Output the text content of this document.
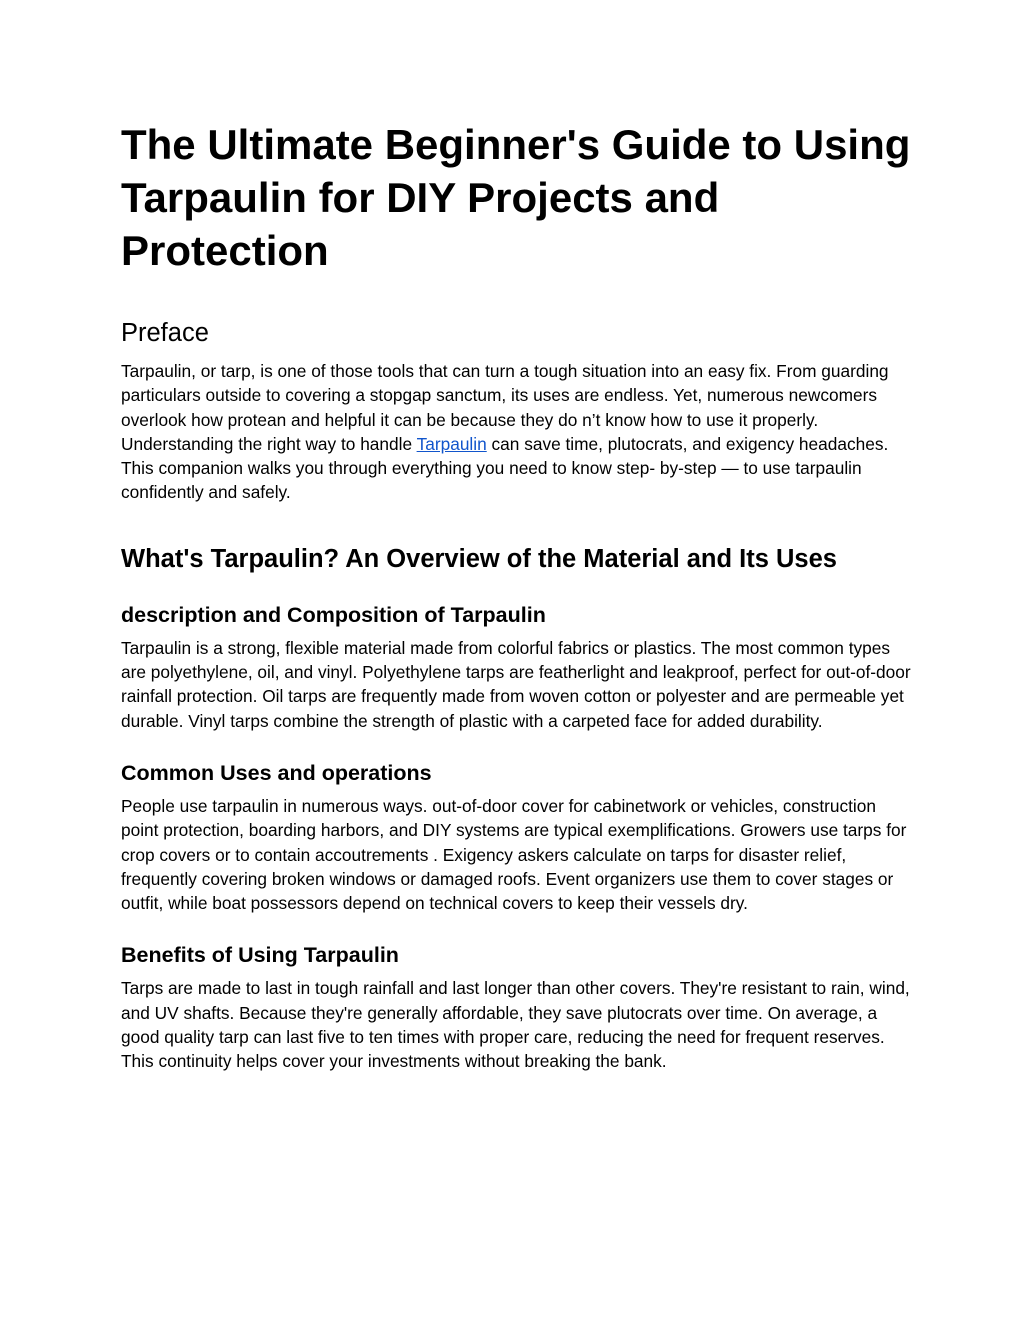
The Ultimate Beginner's Guide to Using Tarpaulin for DIY Projects and Protection
Preface

Tarpaulin, or tarp, is one of those tools that can turn a tough situation into an easy fix. From guarding particulars outside to covering a stopgap sanctum, its uses are endless. Yet, numerous newcomers overlook how protean and helpful it can be because they do n’t know how to use it properly. Understanding the right way to handle Tarpaulin can save time, plutocrats, and exigency headaches. This companion walks you through everything you need to know step- by-step — to use tarpaulin confidently and safely.

What's Tarpaulin? An Overview of the Material and Its Uses
description and Composition of Tarpaulin

Tarpaulin is a strong, flexible material made from colorful fabrics or plastics. The most common types are polyethylene, oil, and vinyl. Polyethylene tarps are featherlight and leakproof, perfect for out-of-door rainfall protection. Oil tarps are frequently made from woven cotton or polyester and are permeable yet durable. Vinyl tarps combine the strength of plastic with a carpeted face for added durability.

Common Uses and operations

People use tarpaulin in numerous ways. out-of-door cover for cabinetwork or vehicles, construction point protection, boarding harbors, and DIY systems are typical exemplifications. Growers use tarps for crop covers or to contain accoutrements . Exigency askers calculate on tarps for disaster relief, frequently covering broken windows or damaged roofs. Event organizers use them to cover stages or outfit, while boat possessors depend on technical covers to keep their vessels dry.

Benefits of Using Tarpaulin

Tarps are made to last in tough rainfall and last longer than other covers. They're resistant to rain, wind, and UV shafts. Because they're generally affordable, they save plutocrats over time. On average, a good quality tarp can last five to ten times with proper care, reducing the need for frequent reserves. This continuity helps cover your investments without breaking the bank.
